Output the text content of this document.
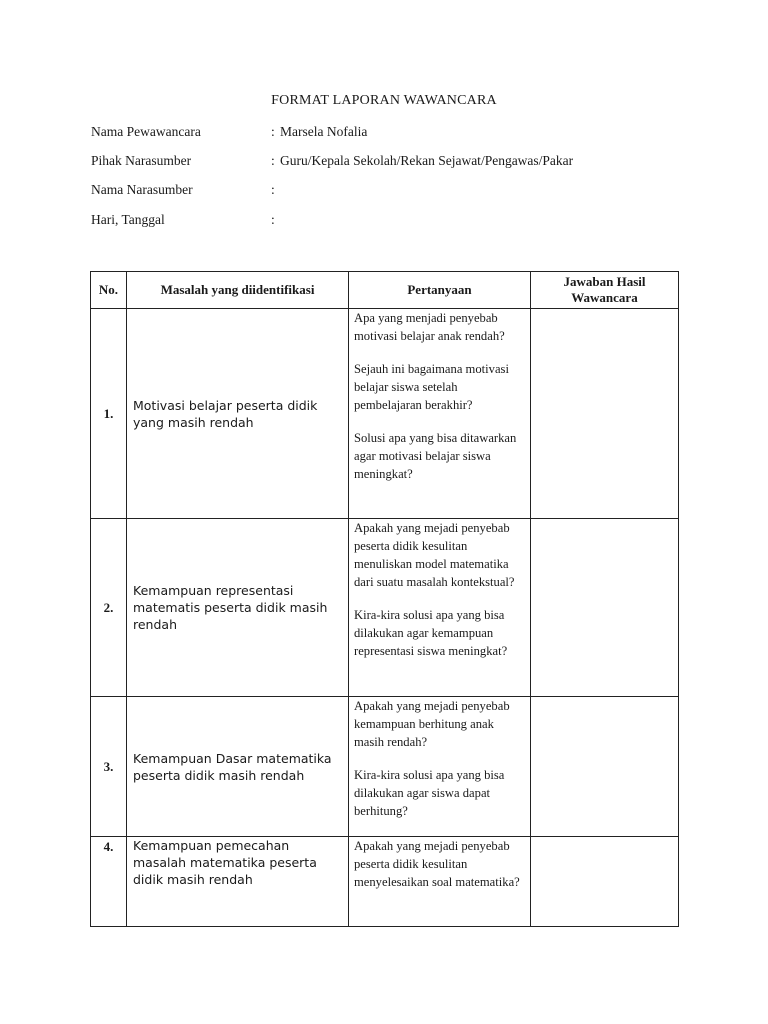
FORMAT LAPORAN WAWANCARA
Nama Pewawancara	: Marsela Nofalia
Pihak Narasumber	: Guru/Kepala Sekolah/Rekan Sejawat/Pengawas/Pakar
Nama Narasumber	:
Hari, Tanggal	:
No.	Masalah yang diidentifikasi	Pertanyaan	Jawaban Hasil Wawancara
1.	Motivasi belajar peserta didik yang masih rendah	Apa yang menjadi penyebab motivasi belajar anak rendah?

Sejauh ini bagaimana motivasi belajar siswa setelah pembelajaran berakhir?

Solusi apa yang bisa ditawarkan agar motivasi belajar siswa meningkat?	

2.	Kemampuan representasi matematis peserta didik masih rendah	Apakah yang mejadi penyebab peserta didik kesulitan menuliskan model matematika dari suatu masalah kontekstual?

Kira-kira solusi apa yang bisa dilakukan agar kemampuan representasi siswa meningkat?	

3.	Kemampuan Dasar matematika peserta didik masih rendah	Apakah yang mejadi penyebab kemampuan berhitung anak masih rendah?

Kira-kira solusi apa yang bisa dilakukan agar siswa dapat berhitung?	

4.	Kemampuan pemecahan masalah matematika peserta didik masih rendah	Apakah yang mejadi penyebab peserta didik kesulitan menyelesaikan soal matematika?	
